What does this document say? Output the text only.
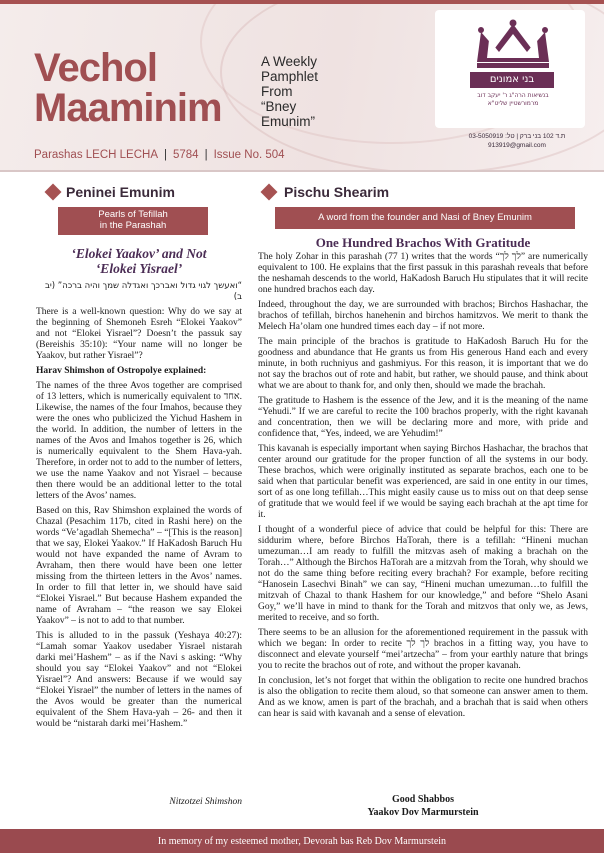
Vechol
Maaminim
A Weekly
Pamphlet
From
“Bney
Emunim”
בני אמונים
בנשיאות הרה"ג ר' יעקב דוב מרמורשטיין שליט"א
ת.ד 102 בני ברק | טל: 03-5050919
913919@gmail.com
Parashas LECH LECHA | 5784 | Issue No. 504
Peninei Emunim
Pearls of Tefillah
in the Parashah
‘Elokei Yaakov’ and Not
‘Elokei Yisrael’
“ואעשך לגוי גדול ואברכך ואגדלה שמך והיה ברכה” (יב ב)

There is a well-known question: Why do we say at the beginning of Shemoneh Esreh “Elokei Yaakov” and not “Elokei Yisrael”? Doesn’t the passuk say (Bereishis 35:10): “Your name will no longer be Yaakov, but rather Yisrael”?

Harav Shimshon of Ostropolye explained:

The names of the three Avos together are comprised of 13 letters, which is numerically equivalent to אחד. Likewise, the names of the four Imahos, because they were the ones who publicized the Yichud Hashem in the world. In addition, the number of letters in the names of the Avos and Imahos together is 26, which is numerically equivalent to the Shem Hava-yah. Therefore, in order not to add to the number of letters, we use the name Yaakov and not Yisrael – because then there would be an additional letter to the total letters of the Avos’ names.

Based on this, Rav Shimshon explained the words of Chazal (Pesachim 117b, cited in Rashi here) on the words “Ve’agadlah Shemecha” – “[This is the reason] that we say, Elokei Yaakov.” If HaKadosh Baruch Hu would not have expanded the name of Avram to Avraham, then there would have been one letter missing from the thirteen letters in the Avos’ names. In order to fill that letter in, we should have said “Elokei Yisrael.” But because Hashem expanded the name of Avraham – “the reason we say Elokei Yaakov” – is not to add to that number.

This is alluded to in the passuk (Yeshaya 40:27): “Lamah somar Yaakov usedaber Yisrael nistarah darki mei’Hashem” – as if the Navi s asking: “Why should you say “Elokei Yaakov” and not “Elokei Yisrael”? And answers: Because if we would say “Elokei Yisrael” the number of letters in the names of the Avos would be greater than the numerical equivalent of the Shem Hava-yah – 26- and then it would be “nistarah darki mei’Hashem.”

Nitzotzei Shimshon
Pischu Shearim
A word from the founder and Nasi of Bney Emunim
One Hundred Brachos With Gratitude

The holy Zohar in this parashah (77 1) writes that the words “לך לך” are numerically equivalent to 100. He explains that the first passuk in this parashah reveals that before the neshamah descends to the world, HaKadosh Baruch Hu stipulates that it will recite one hundred brachos each day.

Indeed, throughout the day, we are surrounded with brachos; Birchos Hashachar, the brachos of tefillah, birchos hanehenin and birchos hamitzvos. We merit to thank the Melech Ha’olam one hundred times each day – if not more.

The main principle of the brachos is gratitude to HaKadosh Baruch Hu for the goodness and abundance that He grants us from His generous Hand each and every minute, in both ruchniyus and gashmiyus. For this reason, it is important that we do not say the brachos out of rote and habit, but rather, we should pause, and think about what we are about to thank for, and only then, should we made the brachah.

The gratitude to Hashem is the essence of the Jew, and it is the meaning of the name “Yehudi.” If we are careful to recite the 100 brachos properly, with the right kavanah and concentration, then we will be declaring more and more, with pride and confidence that, “Yes, indeed, we are Yehudim!”

This kavanah is especially important when saying Birchos Hashachar, the brachos that center around our gratitude for the proper function of all the systems in our body. These brachos, which were originally instituted as separate brachos, each one to be said when that particular benefit was experienced, are said in one entity in our times, sort of as one long tefillah…This might easily cause us to miss out on that deep sense of gratitude that we would feel if we would be saying each brachah at the apt time for it.

I thought of a wonderful piece of advice that could be helpful for this: There are siddurim where, before Birchos HaTorah, there is a tefillah: “Hineni muchan umezuman…I am ready to fulfill the mitzvas aseh of making a brachah on the Torah…” Although the Birchos HaTorah are a mitzvah from the Torah, why should we not do the same thing before reciting every brachah? For example, before reciting “Hanosein Lasechvi Binah” we can say, “Hineni muchan umezuman…to fulfill the mitzvah of Chazal to thank Hashem for our knowledge,” and before “Shelo Asani Goy,” we’ll have in mind to thank for the Torah and mitzvos that only we, as Jews, merited to receive, and so forth.

There seems to be an allusion for the aforementioned requirement in the passuk with which we began: In order to recite לך לך brachos in a fitting way, you have to disconnect and elevate yourself “mei’artzecha” – from your earthly nature that brings you to recite the brachos out of rote, and without the proper kavanah.

In conclusion, let’s not forget that within the obligation to recite one hundred brachos is also the obligation to recite them aloud, so that someone can answer amen to them. And as we know, amen is part of the brachah, and a brachah that is said when others can hear is said with kavanah and a sense of elevation.

Good Shabbos
Yaakov Dov Marmurstein
In memory of my esteemed mother, Devorah bas Reb Dov Marmurstein
